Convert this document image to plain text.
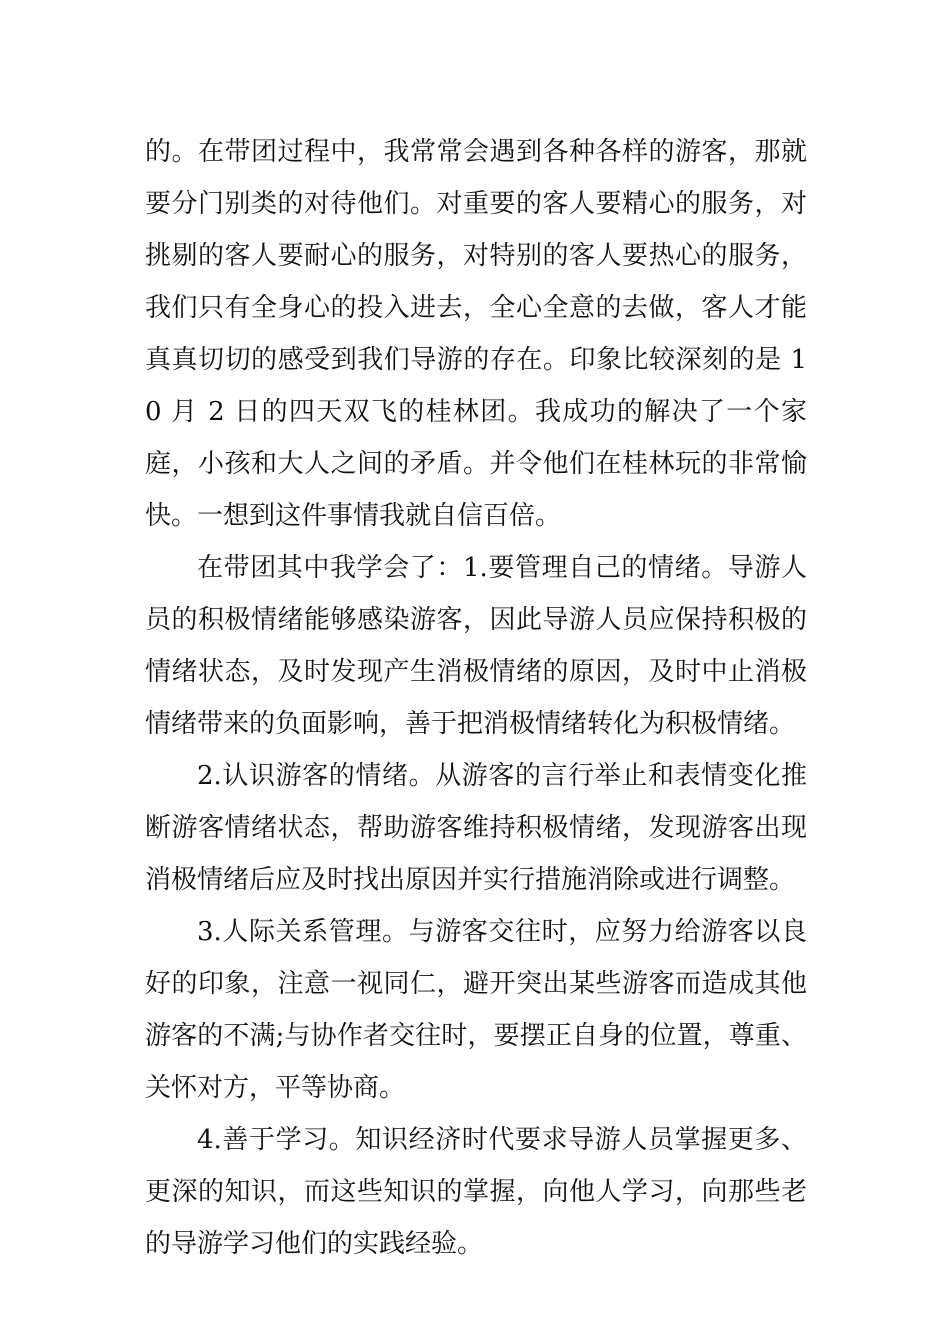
的。在带团过程中，我常常会遇到各种各样的游客，那就要分门别类的对待他们。对重要的客人要精心的服务，对挑剔的客人要耐心的服务，对特别的客人要热心的服务，我们只有全身心的投入进去，全心全意的去做，客人才能真真切切的感受到我们导游的存在。印象比较深刻的是 10 月 2 日的四天双飞的桂林团。我成功的解决了一个家庭，小孩和大人之间的矛盾。并令他们在桂林玩的非常愉快。一想到这件事情我就自信百倍。

在带团其中我学会了：1.要管理自己的情绪。导游人员的积极情绪能够感染游客，因此导游人员应保持积极的情绪状态，及时发现产生消极情绪的原因，及时中止消极情绪带来的负面影响，善于把消极情绪转化为积极情绪。

2.认识游客的情绪。从游客的言行举止和表情变化推断游客情绪状态，帮助游客维持积极情绪，发现游客出现消极情绪后应及时找出原因并实行措施消除或进行调整。

3.人际关系管理。与游客交往时，应努力给游客以良好的印象，注意一视同仁，避开突出某些游客而造成其他游客的不满;与协作者交往时，要摆正自身的位置，尊重、关怀对方，平等协商。

4.善于学习。知识经济时代要求导游人员掌握更多、更深的知识，而这些知识的掌握，向他人学习，向那些老的导游学习他们的实践经验。
